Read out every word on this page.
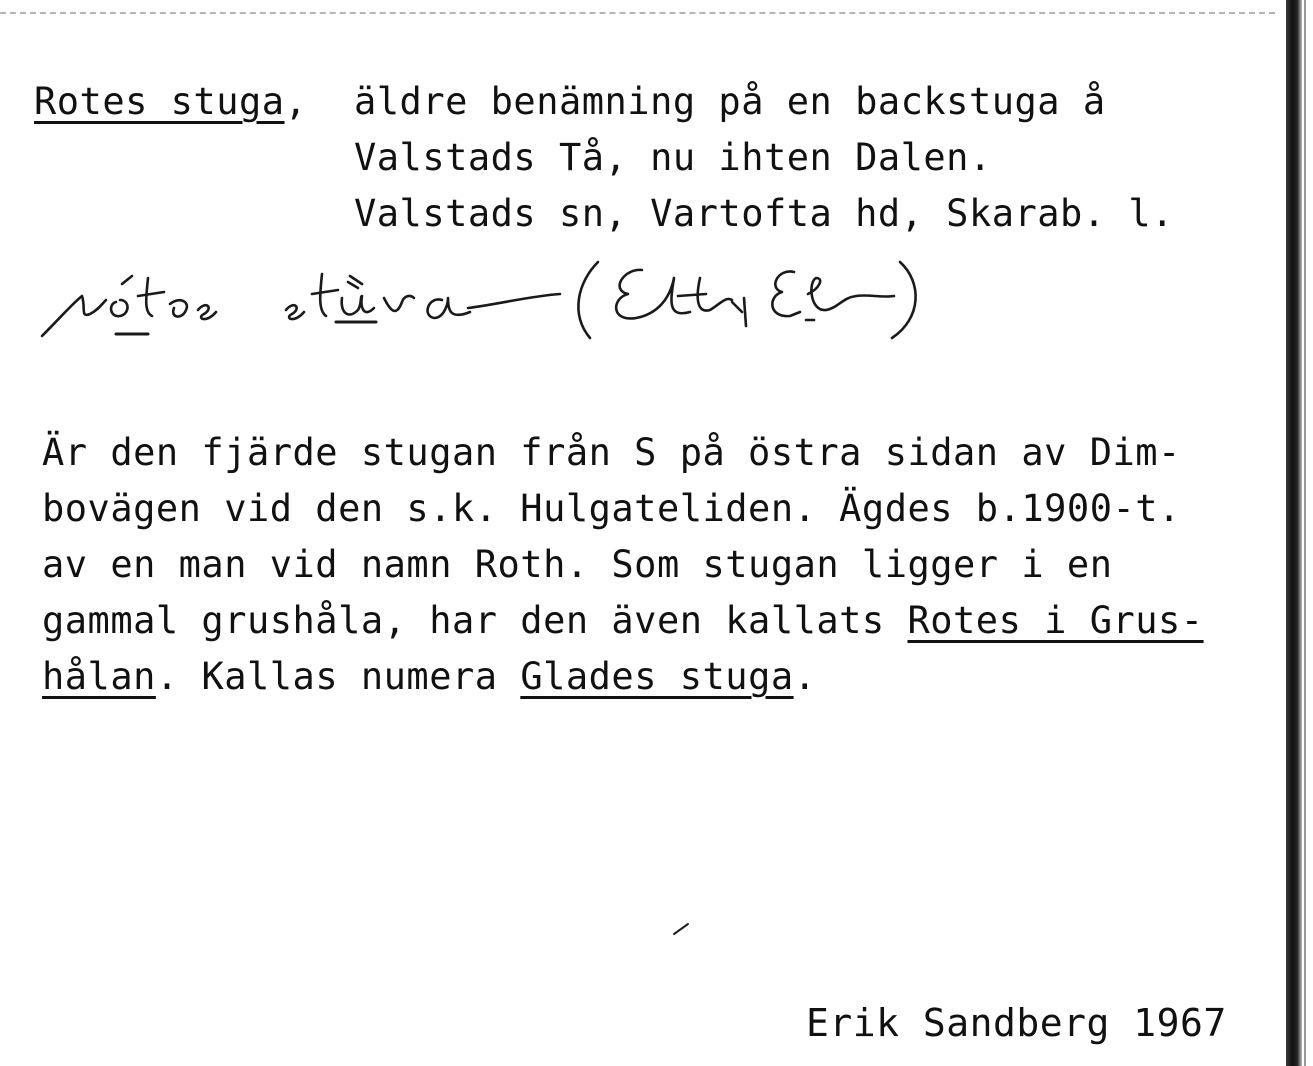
Rotes stuga, äldre benämning på en backstuga å
Valstads Tå, nu ihten Dalen.
Valstads sn, Vartofta hd, Skarab. l.
Är den fjärde stugan från S på östra sidan av Dim-
bovägen vid den s.k. Hulgateliden. Ägdes b.1900-t.
av en man vid namn Roth. Som stugan ligger i en
gammal grushåla, har den även kallats Rotes i Grus-
hålan. Kallas numera Glades stuga.
Erik Sandberg 1967
